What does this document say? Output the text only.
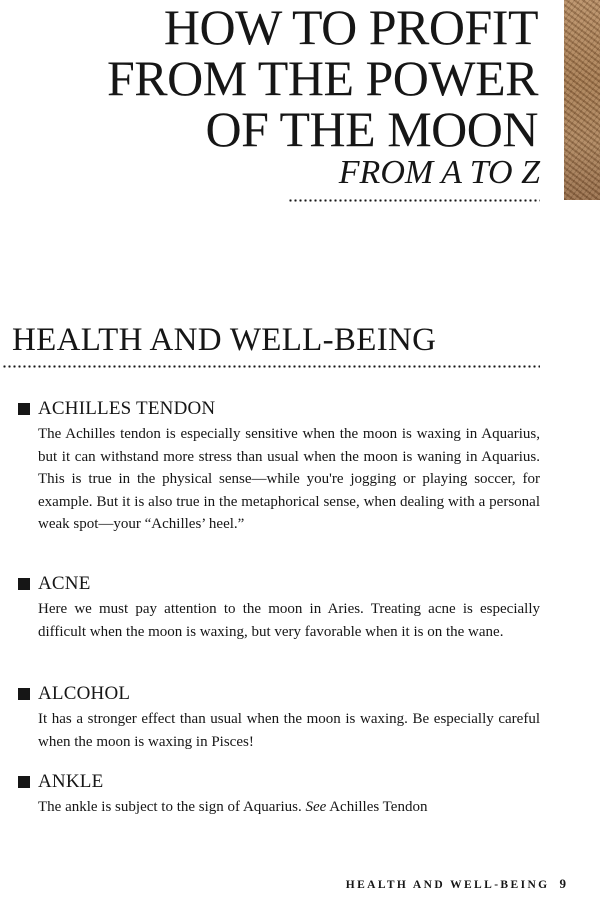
HOW TO PROFIT
FROM THE POWER
OF THE MOON
FROM A TO Z
HEALTH AND WELL-BEING
ACHILLES TENDON

The Achilles tendon is especially sensitive when the moon is waxing in Aquarius, but it can withstand more stress than usual when the moon is waning in Aquarius. This is true in the physical sense—while you're jogging or playing soccer, for example. But it is also true in the metaphorical sense, when dealing with a personal weak spot—your “Achilles’ heel.”

ACNE

Here we must pay attention to the moon in Aries. Treating acne is especially difficult when the moon is waxing, but very favorable when it is on the wane.

ALCOHOL

It has a stronger effect than usual when the moon is waxing. Be especially careful when the moon is waxing in Pisces!

ANKLE

The ankle is subject to the sign of Aquarius. See Achilles Tendon

HEALTH AND WELL-BEING 9
